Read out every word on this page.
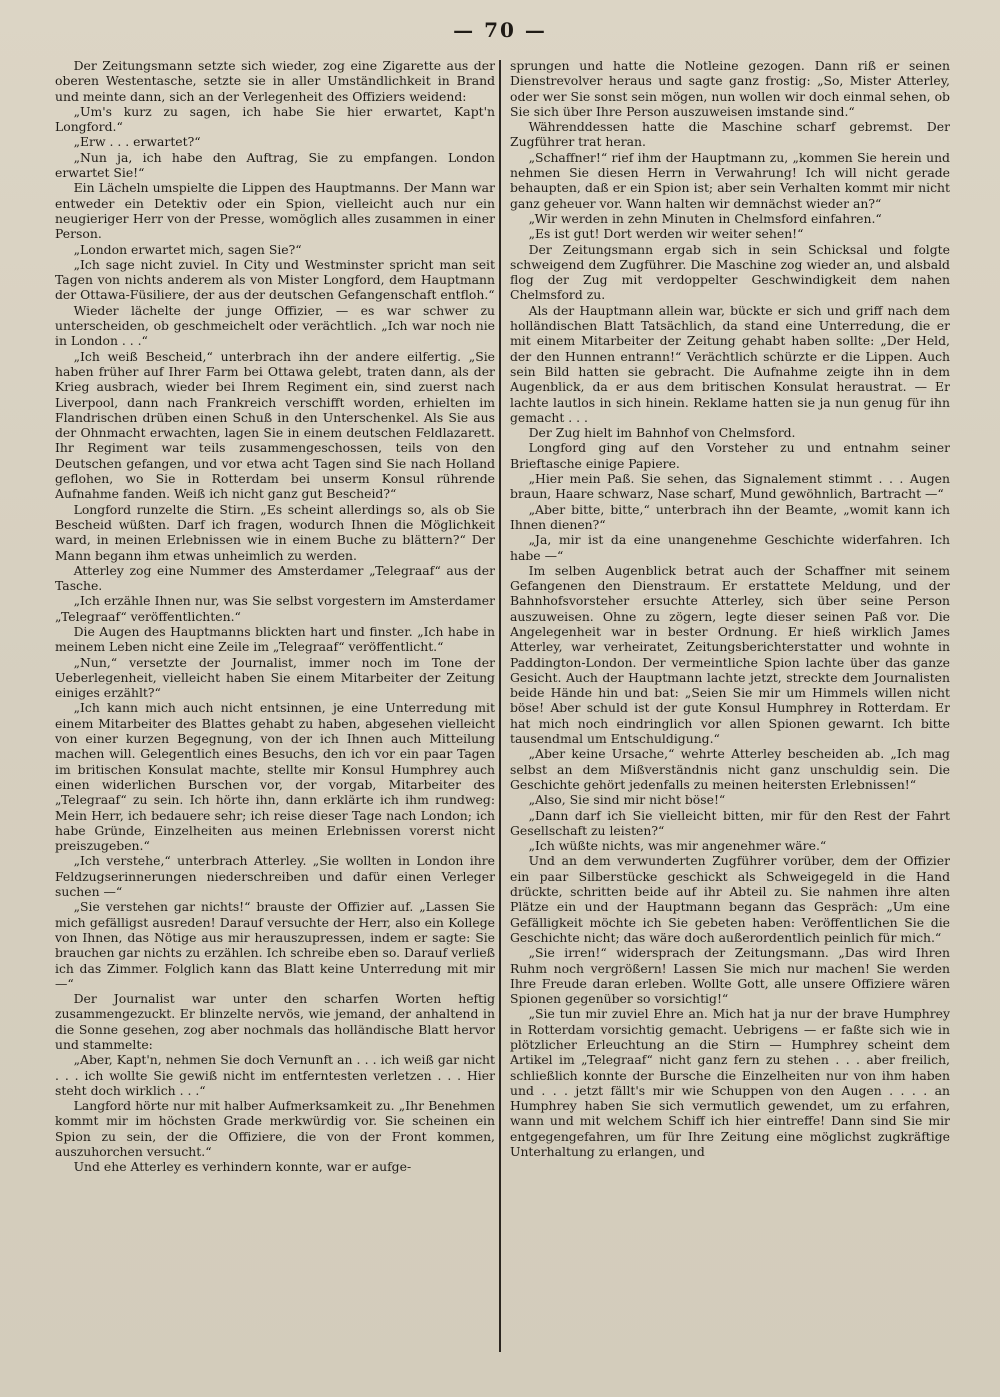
— 70 —

Der Zeitungsmann setzte sich wieder, zog eine Zigarette aus der oberen Westentasche, setzte sie in aller Umständlichkeit in Brand und meinte dann, sich an der Verlegenheit des Offiziers weidend:

„Um's kurz zu sagen, ich habe Sie hier erwartet, Kapt'n Longford.“

„Erw . . . erwartet?“

„Nun ja, ich habe den Auftrag, Sie zu empfangen. London erwartet Sie!“

Ein Lächeln umspielte die Lippen des Hauptmanns. Der Mann war entweder ein Detektiv oder ein Spion, vielleicht auch nur ein neugieriger Herr von der Presse, womöglich alles zusammen in einer Person.

„London erwartet mich, sagen Sie?“

„Ich sage nicht zuviel. In City und Westminster spricht man seit Tagen von nichts anderem als von Mister Longford, dem Hauptmann der Ottawa-Füsiliere, der aus der deutschen Gefangenschaft entfloh.“

Wieder lächelte der junge Offizier, — es war schwer zu unterscheiden, ob geschmeichelt oder verächtlich. „Ich war noch nie in London . . .“

„Ich weiß Bescheid,“ unterbrach ihn der andere eilfertig. „Sie haben früher auf Ihrer Farm bei Ottawa gelebt, traten dann, als der Krieg ausbrach, wieder bei Ihrem Regiment ein, sind zuerst nach Liverpool, dann nach Frankreich verschifft worden, erhielten im Flandrischen drüben einen Schuß in den Unterschenkel. Als Sie aus der Ohnmacht erwachten, lagen Sie in einem deutschen Feldlazarett. Ihr Regiment war teils zusammengeschossen, teils von den Deutschen gefangen, und vor etwa acht Tagen sind Sie nach Holland geflohen, wo Sie in Rotterdam bei unserm Konsul rührende Aufnahme fanden. Weiß ich nicht ganz gut Bescheid?“

Longford runzelte die Stirn. „Es scheint allerdings so, als ob Sie Bescheid wüßten. Darf ich fragen, wodurch Ihnen die Möglichkeit ward, in meinen Erlebnissen wie in einem Buche zu blättern?“ Der Mann begann ihm etwas unheimlich zu werden.

Atterley zog eine Nummer des Amsterdamer „Telegraaf“ aus der Tasche.

„Ich erzähle Ihnen nur, was Sie selbst vorgestern im Amsterdamer „Telegraaf“ veröffentlichten.“

Die Augen des Hauptmanns blickten hart und finster. „Ich habe in meinem Leben nicht eine Zeile im „Telegraaf“ veröffentlicht.“

„Nun,“ versetzte der Journalist, immer noch im Tone der Ueberlegenheit, vielleicht haben Sie einem Mitarbeiter der Zeitung einiges erzählt?“

„Ich kann mich auch nicht entsinnen, je eine Unterredung mit einem Mitarbeiter des Blattes gehabt zu haben, abgesehen vielleicht von einer kurzen Begegnung, von der ich Ihnen auch Mitteilung machen will. Gelegentlich eines Besuchs, den ich vor ein paar Tagen im britischen Konsulat machte, stellte mir Konsul Humphrey auch einen widerlichen Burschen vor, der vorgab, Mitarbeiter des „Telegraaf“ zu sein. Ich hörte ihn, dann erklärte ich ihm rundweg: Mein Herr, ich bedauere sehr; ich reise dieser Tage nach London; ich habe Gründe, Einzelheiten aus meinen Erlebnissen vorerst nicht preiszugeben.“

„Ich verstehe,“ unterbrach Atterley. „Sie wollten in London ihre Feldzugserinnerungen niederschreiben und dafür einen Verleger suchen —“

„Sie verstehen gar nichts!“ brauste der Offizier auf. „Lassen Sie mich gefälligst ausreden! Darauf versuchte der Herr, also ein Kollege von Ihnen, das Nötige aus mir herauszupressen, indem er sagte: Sie brauchen gar nichts zu erzählen. Ich schreibe eben so. Darauf verließ ich das Zimmer. Folglich kann das Blatt keine Unterredung mit mir —“

Der Journalist war unter den scharfen Worten heftig zusammengezuckt. Er blinzelte nervös, wie jemand, der anhaltend in die Sonne gesehen, zog aber nochmals das holländische Blatt hervor und stammelte:

„Aber, Kapt'n, nehmen Sie doch Vernunft an . . . ich weiß gar nicht . . . ich wollte Sie gewiß nicht im entferntesten verletzen . . . Hier steht doch wirklich . . .“

Langford hörte nur mit halber Aufmerksamkeit zu. „Ihr Benehmen kommt mir im höchsten Grade merkwürdig vor. Sie scheinen ein Spion zu sein, der die Offiziere, die von der Front kommen, auszuhorchen versucht.“

Und ehe Atterley es verhindern konnte, war er aufge-

sprungen und hatte die Notleine gezogen. Dann riß er seinen Dienstrevolver heraus und sagte ganz frostig: „So, Mister Atterley, oder wer Sie sonst sein mögen, nun wollen wir doch einmal sehen, ob Sie sich über Ihre Person auszuweisen imstande sind.“

Währenddessen hatte die Maschine scharf gebremst. Der Zugführer trat heran.

„Schaffner!“ rief ihm der Hauptmann zu, „kommen Sie herein und nehmen Sie diesen Herrn in Verwahrung! Ich will nicht gerade behaupten, daß er ein Spion ist; aber sein Verhalten kommt mir nicht ganz geheuer vor. Wann halten wir demnächst wieder an?“

„Wir werden in zehn Minuten in Chelmsford einfahren.“

„Es ist gut! Dort werden wir weiter sehen!“

Der Zeitungsmann ergab sich in sein Schicksal und folgte schweigend dem Zugführer. Die Maschine zog wieder an, und alsbald flog der Zug mit verdoppelter Geschwindigkeit dem nahen Chelmsford zu.

Als der Hauptmann allein war, bückte er sich und griff nach dem holländischen Blatt Tatsächlich, da stand eine Unterredung, die er mit einem Mitarbeiter der Zeitung gehabt haben sollte: „Der Held, der den Hunnen entrann!“ Verächtlich schürzte er die Lippen. Auch sein Bild hatten sie gebracht. Die Aufnahme zeigte ihn in dem Augenblick, da er aus dem britischen Konsulat heraustrat. — Er lachte lautlos in sich hinein. Reklame hatten sie ja nun genug für ihn gemacht . . .

Der Zug hielt im Bahnhof von Chelmsford.

Longford ging auf den Vorsteher zu und entnahm seiner Brieftasche einige Papiere.

„Hier mein Paß. Sie sehen, das Signalement stimmt . . . Augen braun, Haare schwarz, Nase scharf, Mund gewöhnlich, Bartracht —“

„Aber bitte, bitte,“ unterbrach ihn der Beamte, „womit kann ich Ihnen dienen?“

„Ja, mir ist da eine unangenehme Geschichte widerfahren. Ich habe —“

Im selben Augenblick betrat auch der Schaffner mit seinem Gefangenen den Dienstraum. Er erstattete Meldung, und der Bahnhofsvorsteher ersuchte Atterley, sich über seine Person auszuweisen. Ohne zu zögern, legte dieser seinen Paß vor. Die Angelegenheit war in bester Ordnung. Er hieß wirklich James Atterley, war verheiratet, Zeitungsberichterstatter und wohnte in Paddington-London. Der vermeintliche Spion lachte über das ganze Gesicht. Auch der Hauptmann lachte jetzt, streckte dem Journalisten beide Hände hin und bat: „Seien Sie mir um Himmels willen nicht böse! Aber schuld ist der gute Konsul Humphrey in Rotterdam. Er hat mich noch eindringlich vor allen Spionen gewarnt. Ich bitte tausendmal um Entschuldigung.“

„Aber keine Ursache,“ wehrte Atterley bescheiden ab. „Ich mag selbst an dem Mißverständnis nicht ganz unschuldig sein. Die Geschichte gehört jedenfalls zu meinen heitersten Erlebnissen!“

„Also, Sie sind mir nicht böse!“

„Dann darf ich Sie vielleicht bitten, mir für den Rest der Fahrt Gesellschaft zu leisten?“

„Ich wüßte nichts, was mir angenehmer wäre.“

Und an dem verwunderten Zugführer vorüber, dem der Offizier ein paar Silberstücke geschickt als Schweigegeld in die Hand drückte, schritten beide auf ihr Abteil zu. Sie nahmen ihre alten Plätze ein und der Hauptmann begann das Gespräch: „Um eine Gefälligkeit möchte ich Sie gebeten haben: Veröffentlichen Sie die Geschichte nicht; das wäre doch außerordentlich peinlich für mich.“

„Sie irren!“ widersprach der Zeitungsmann. „Das wird Ihren Ruhm noch vergrößern! Lassen Sie mich nur machen! Sie werden Ihre Freude daran erleben. Wollte Gott, alle unsere Offiziere wären Spionen gegenüber so vorsichtig!“

„Sie tun mir zuviel Ehre an. Mich hat ja nur der brave Humphrey in Rotterdam vorsichtig gemacht. Uebrigens — er faßte sich wie in plötzlicher Erleuchtung an die Stirn — Humphrey scheint dem Artikel im „Telegraaf“ nicht ganz fern zu stehen . . . aber freilich, schließlich konnte der Bursche die Einzelheiten nur von ihm haben und . . . jetzt fällt's mir wie Schuppen von den Augen . . . . an Humphrey haben Sie sich vermutlich gewendet, um zu erfahren, wann und mit welchem Schiff ich hier eintreffe! Dann sind Sie mir entgegengefahren, um für Ihre Zeitung eine möglichst zugkräftige Unterhaltung zu erlangen, und
